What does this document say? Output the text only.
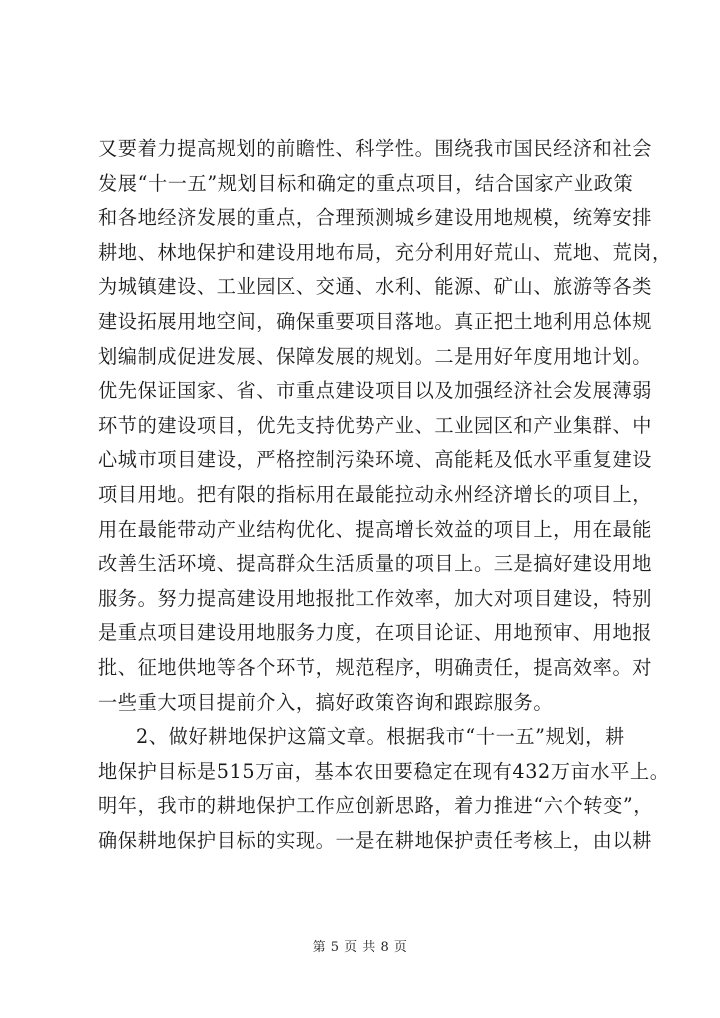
又要着力提高规划的前瞻性、科学性。围绕我市国民经济和社会
发展“十一五”规划目标和确定的重点项目，结合国家产业政策
和各地经济发展的重点，合理预测城乡建设用地规模，统筹安排
耕地、林地保护和建设用地布局，充分利用好荒山、荒地、荒岗，
为城镇建设、工业园区、交通、水利、能源、矿山、旅游等各类
建设拓展用地空间，确保重要项目落地。真正把土地利用总体规
划编制成促进发展、保障发展的规划。二是用好年度用地计划。
优先保证国家、省、市重点建设项目以及加强经济社会发展薄弱
环节的建设项目，优先支持优势产业、工业园区和产业集群、中
心城市项目建设，严格控制污染环境、高能耗及低水平重复建设
项目用地。把有限的指标用在最能拉动永州经济增长的项目上，
用在最能带动产业结构优化、提高增长效益的项目上，用在最能
改善生活环境、提高群众生活质量的项目上。三是搞好建设用地
服务。努力提高建设用地报批工作效率，加大对项目建设，特别
是重点项目建设用地服务力度，在项目论证、用地预审、用地报
批、征地供地等各个环节，规范程序，明确责任，提高效率。对
一些重大项目提前介入，搞好政策咨询和跟踪服务。
2、做好耕地保护这篇文章。根据我市“十一五”规划，耕
地保护目标是515万亩，基本农田要稳定在现有432万亩水平上。
明年，我市的耕地保护工作应创新思路，着力推进“六个转变”，
确保耕地保护目标的实现。一是在耕地保护责任考核上，由以耕
第 5 页 共 8 页
